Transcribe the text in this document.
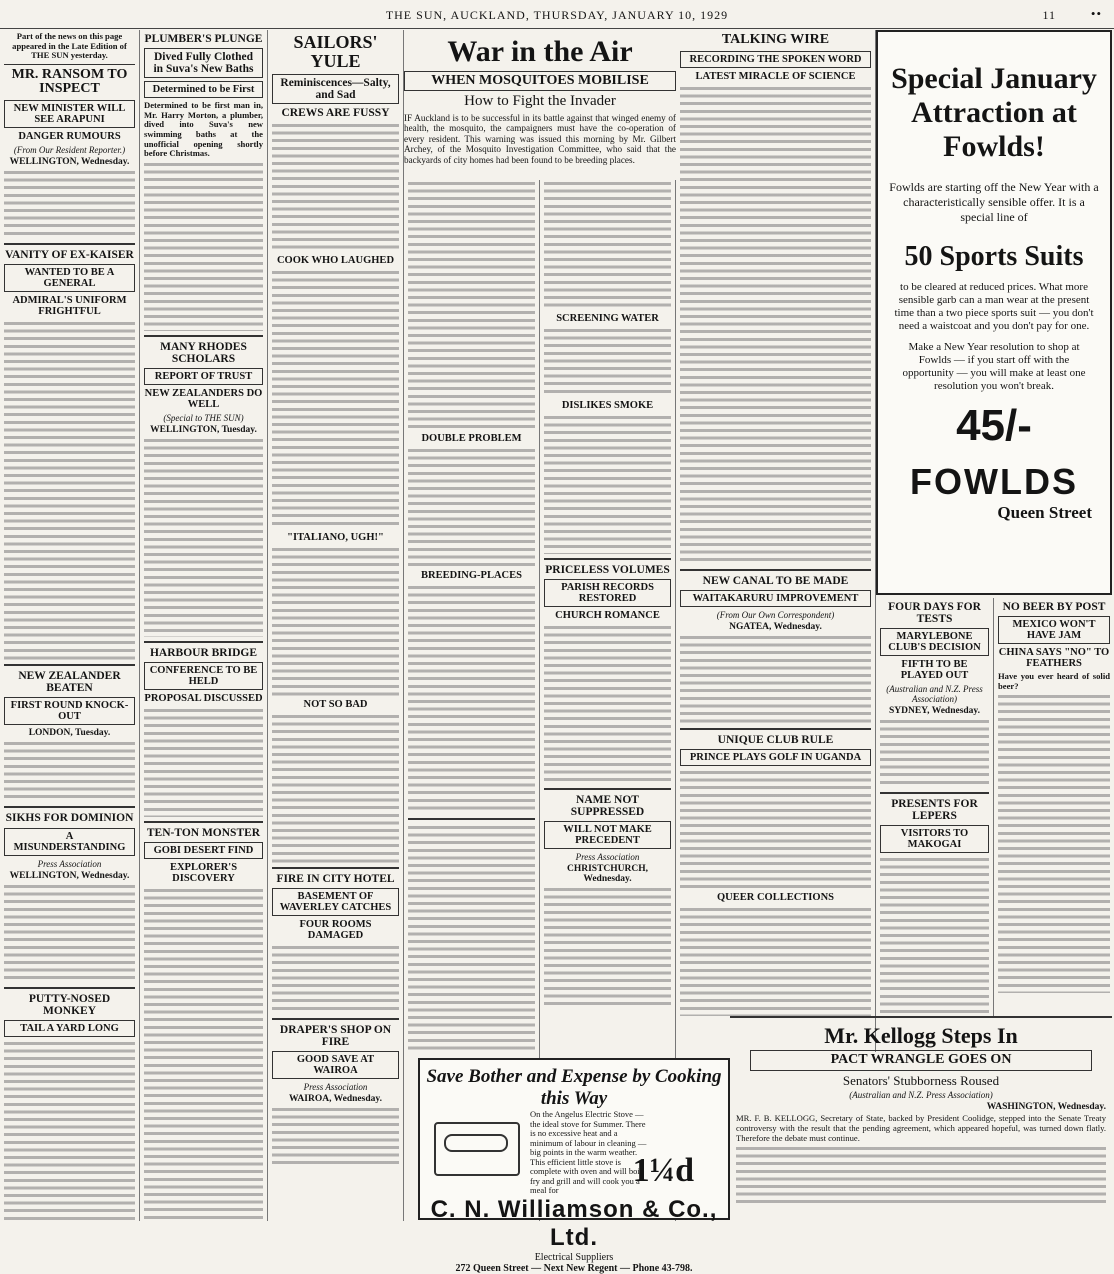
THE SUN, AUCKLAND, THURSDAY, JANUARY 10, 1929	11	••
Part of the news on this page appeared in the Late Edition of THE SUN yesterday.
MR. RANSOM TO INSPECT
NEW MINISTER WILL SEE ARAPUNI
DANGER RUMOURS
(From Our Resident Reporter.)
WELLINGTON, Wednesday.
VANITY OF EX-KAISER
WANTED TO BE A GENERAL
ADMIRAL'S UNIFORM FRIGHTFUL
NEW ZEALANDER BEATEN
FIRST ROUND KNOCK-OUT
LONDON, Tuesday.
SIKHS FOR DOMINION
A MISUNDERSTANDING
Press Association
WELLINGTON, Wednesday.
PUTTY-NOSED MONKEY
TAIL A YARD LONG
PLUMBER'S PLUNGE
Dived Fully Clothed in Suva's New Baths
Determined to be First
Determined to be first man in, Mr. Harry Morton, a plumber, dived into Suva's new swimming baths at the unofficial opening shortly before Christmas.
MANY RHODES SCHOLARS
REPORT OF TRUST
NEW ZEALANDERS DO WELL
(Special to THE SUN)
WELLINGTON, Tuesday.
HARBOUR BRIDGE
CONFERENCE TO BE HELD
PROPOSAL DISCUSSED
TEN-TON MONSTER
GOBI DESERT FIND
EXPLORER'S DISCOVERY
SAILORS' YULE
Reminiscences—Salty, and Sad
CREWS ARE FUSSY
COOK WHO LAUGHED
"ITALIANO, UGH!"
NOT SO BAD
FIRE IN CITY HOTEL
BASEMENT OF WAVERLEY CATCHES
FOUR ROOMS DAMAGED
DRAPER'S SHOP ON FIRE
GOOD SAVE AT WAIROA
Press Association
WAIROA, Wednesday.
War in the Air
WHEN MOSQUITOES MOBILISE
How to Fight the Invader
IF Auckland is to be successful in its battle against that winged enemy of health, the mosquito, the campaigners must have the co-operation of every resident. This warning was issued this morning by Mr. Gilbert Archey, of the Mosquito Investigation Committee, who said that the backyards of city homes had been found to be breeding places.
DOUBLE PROBLEM
BREEDING-PLACES
SCREENING WATER
DISLIKES SMOKE
PRICELESS VOLUMES
PARISH RECORDS RESTORED
CHURCH ROMANCE
NAME NOT SUPPRESSED
WILL NOT MAKE PRECEDENT
Press Association
CHRISTCHURCH, Wednesday.
TALKING WIRE
RECORDING THE SPOKEN WORD
LATEST MIRACLE OF SCIENCE
NEW CANAL TO BE MADE
WAITAKARURU IMPROVEMENT
(From Our Own Correspondent)
NGATEA, Wednesday.
UNIQUE CLUB RULE
PRINCE PLAYS GOLF IN UGANDA
QUEER COLLECTIONS
Special January Attraction at Fowlds!
Fowlds are starting off the New Year with a characteristically sensible offer. It is a special line of
50 Sports Suits
to be cleared at reduced prices. What more sensible garb can a man wear at the present time than a two piece sports suit — you don't need a waistcoat and you don't pay for one.
Make a New Year resolution to shop at Fowlds — if you start off with the opportunity — you will make at least one resolution you won't break.
45/-
FOWLDS
Queen Street
FOUR DAYS FOR TESTS
MARYLEBONE CLUB'S DECISION
FIFTH TO BE PLAYED OUT
(Australian and N.Z. Press Association)
SYDNEY, Wednesday.
PRESENTS FOR LEPERS
VISITORS TO MAKOGAI
NO BEER BY POST
MEXICO WON'T HAVE JAM
CHINA SAYS "NO" TO FEATHERS
Have you ever heard of solid beer?
Mr. Kellogg Steps In
PACT WRANGLE GOES ON
Senators' Stubborness Roused
(Australian and N.Z. Press Association)
WASHINGTON, Wednesday.
MR. F. B. KELLOGG, Secretary of State, backed by President Coolidge, stepped into the Senate Treaty controversy with the result that the pending agreement, which appeared hopeful, was turned down flatly. Therefore the debate must continue.
Save Bother and Expense by Cooking this Way
On the Angelus Electric Stove — the ideal stove for Summer. There is no excessive heat and a minimum of labour in cleaning — big points in the warm weather. This efficient little stove is complete with oven and will boil, fry and grill and will cook you a meal for
1¼d
C. N. Williamson & Co., Ltd.
Electrical Suppliers
272 Queen Street — Next New Regent — Phone 43-798.
